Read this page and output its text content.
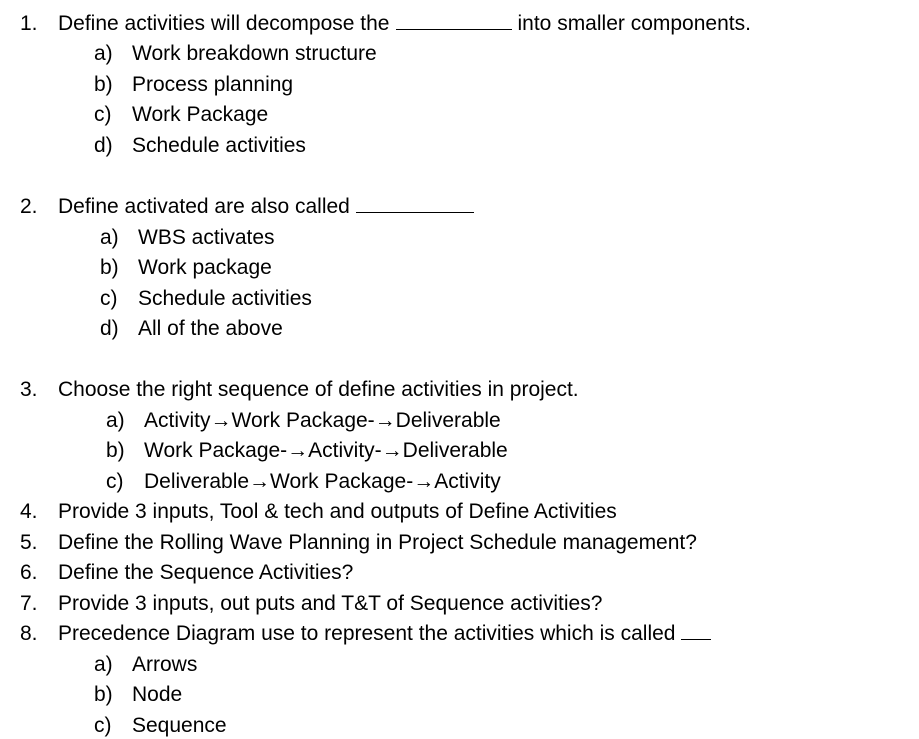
1. Define activities will decompose the	into smaller components.
a) Work breakdown structure
b) Process planning
c) Work Package
d) Schedule activities
2. Define activated are also called
a) WBS activates
b) Work package
c) Schedule activities
d) All of the above
3. Choose the right sequence of define activities in project.
a) Activity→Work Package-→Deliverable
b) Work Package-→Activity-→Deliverable
c) Deliverable→Work Package-→Activity
4. Provide 3 inputs, Tool & tech and outputs of Define Activities
5. Define the Rolling Wave Planning in Project Schedule management?
6. Define the Sequence Activities?
7. Provide 3 inputs, out puts and T&T of Sequence activities?
8. Precedence Diagram use to represent the activities which is called
a) Arrows
b) Node
c) Sequence
